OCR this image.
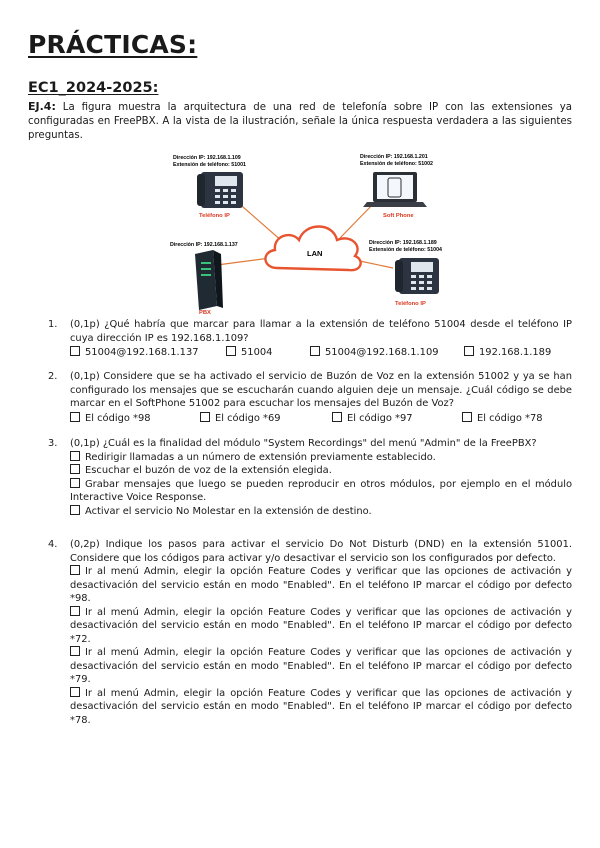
PRÁCTICAS:
EC1_2024-2025:
EJ.4: La figura muestra la arquitectura de una red de telefonía sobre IP con las extensiones ya configuradas en FreePBX. A la vista de la ilustración, señale la única respuesta verdadera a las siguientes preguntas.
Dirección IP: 192.168.1.109
Extensión de teléfono: 51001
Teléfono IP
Dirección IP: 192.168.1.201
Extensión de teléfono: 51002
Soft Phone
LAN
Dirección IP: 192.168.1.137
PBX
Dirección IP: 192.168.1.189
Extensión de teléfono: 51004
Teléfono IP
1. (0,1p) ¿Qué habría que marcar para llamar a la extensión de teléfono 51004 desde el teléfono IP cuya dirección IP es 192.168.1.109?
51004@192.168.1.137	51004	51004@192.168.1.109	192.168.1.189
2. (0,1p) Considere que se ha activado el servicio de Buzón de Voz en la extensión 51002 y ya se han configurado los mensajes que se escucharán cuando alguien deje un mensaje. ¿Cuál código se debe marcar en el SoftPhone 51002 para escuchar los mensajes del Buzón de Voz?
El código *98	El código *69	El código *97	El código *78
3. (0,1p) ¿Cuál es la finalidad del módulo "System Recordings" del menú "Admin" de la FreePBX?
Redirigir llamadas a un número de extensión previamente establecido.
Escuchar el buzón de voz de la extensión elegida.
Grabar mensajes que luego se pueden reproducir en otros módulos, por ejemplo en el módulo Interactive Voice Response.
Activar el servicio No Molestar en la extensión de destino.
4. (0,2p) Indique los pasos para activar el servicio Do Not Disturb (DND) en la extensión 51001. Considere que los códigos para activar y/o desactivar el servicio son los configurados por defecto.
Ir al menú Admin, elegir la opción Feature Codes y verificar que las opciones de activación y desactivación del servicio están en modo "Enabled". En el teléfono IP marcar el código por defecto *98.
Ir al menú Admin, elegir la opción Feature Codes y verificar que las opciones de activación y desactivación del servicio están en modo "Enabled". En el teléfono IP marcar el código por defecto *72.
Ir al menú Admin, elegir la opción Feature Codes y verificar que las opciones de activación y desactivación del servicio están en modo "Enabled". En el teléfono IP marcar el código por defecto *79.
Ir al menú Admin, elegir la opción Feature Codes y verificar que las opciones de activación y desactivación del servicio están en modo "Enabled". En el teléfono IP marcar el código por defecto *78.
